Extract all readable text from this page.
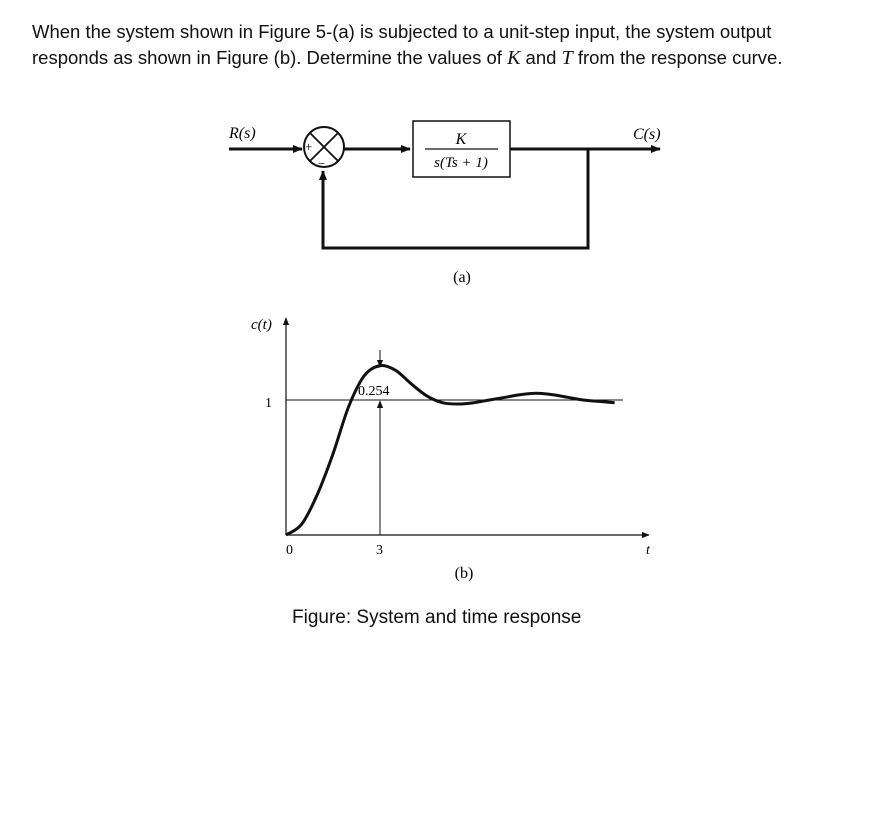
When the system shown in Figure 5-(a) is subjected to a unit-step input, the system output responds as shown in Figure (b). Determine the values of K and T from the response curve.

R(s)
+
−
K
s(Ts + 1)
C(s)
(a)
c(t)
t
1
0	3
0.254
(b)

Figure: System and time response
